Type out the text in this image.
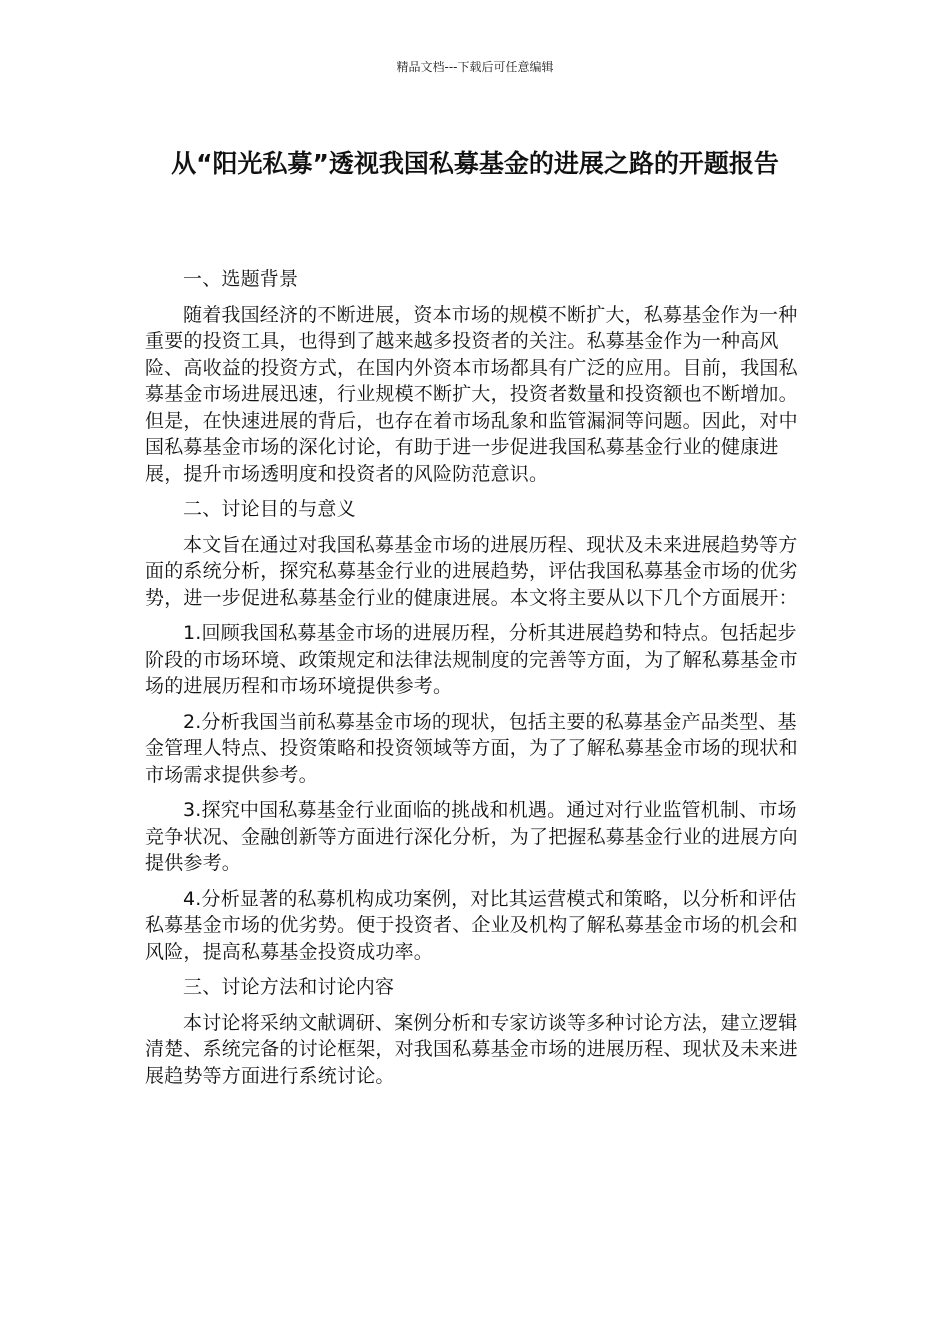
精品文档---下载后可任意编辑
从“阳光私募”透视我国私募基金的进展之路的开题报告

一、选题背景

随着我国经济的不断进展，资本市场的规模不断扩大，私募基金作为一种重要的投资工具，也得到了越来越多投资者的关注。私募基金作为一种高风险、高收益的投资方式，在国内外资本市场都具有广泛的应用。目前，我国私募基金市场进展迅速，行业规模不断扩大，投资者数量和投资额也不断增加。但是，在快速进展的背后，也存在着市场乱象和监管漏洞等问题。因此，对中国私募基金市场的深化讨论，有助于进一步促进我国私募基金行业的健康进展，提升市场透明度和投资者的风险防范意识。

二、讨论目的与意义

本文旨在通过对我国私募基金市场的进展历程、现状及未来进展趋势等方面的系统分析，探究私募基金行业的进展趋势，评估我国私募基金市场的优劣势，进一步促进私募基金行业的健康进展。本文将主要从以下几个方面展开：

1.回顾我国私募基金市场的进展历程，分析其进展趋势和特点。包括起步阶段的市场环境、政策规定和法律法规制度的完善等方面，为了解私募基金市场的进展历程和市场环境提供参考。

2.分析我国当前私募基金市场的现状，包括主要的私募基金产品类型、基金管理人特点、投资策略和投资领域等方面，为了了解私募基金市场的现状和市场需求提供参考。

3.探究中国私募基金行业面临的挑战和机遇。通过对行业监管机制、市场竞争状况、金融创新等方面进行深化分析，为了把握私募基金行业的进展方向提供参考。

4.分析显著的私募机构成功案例，对比其运营模式和策略，以分析和评估私募基金市场的优劣势。便于投资者、企业及机构了解私募基金市场的机会和风险，提高私募基金投资成功率。

三、讨论方法和讨论内容

本讨论将采纳文献调研、案例分析和专家访谈等多种讨论方法，建立逻辑清楚、系统完备的讨论框架，对我国私募基金市场的进展历程、现状及未来进展趋势等方面进行系统讨论。
